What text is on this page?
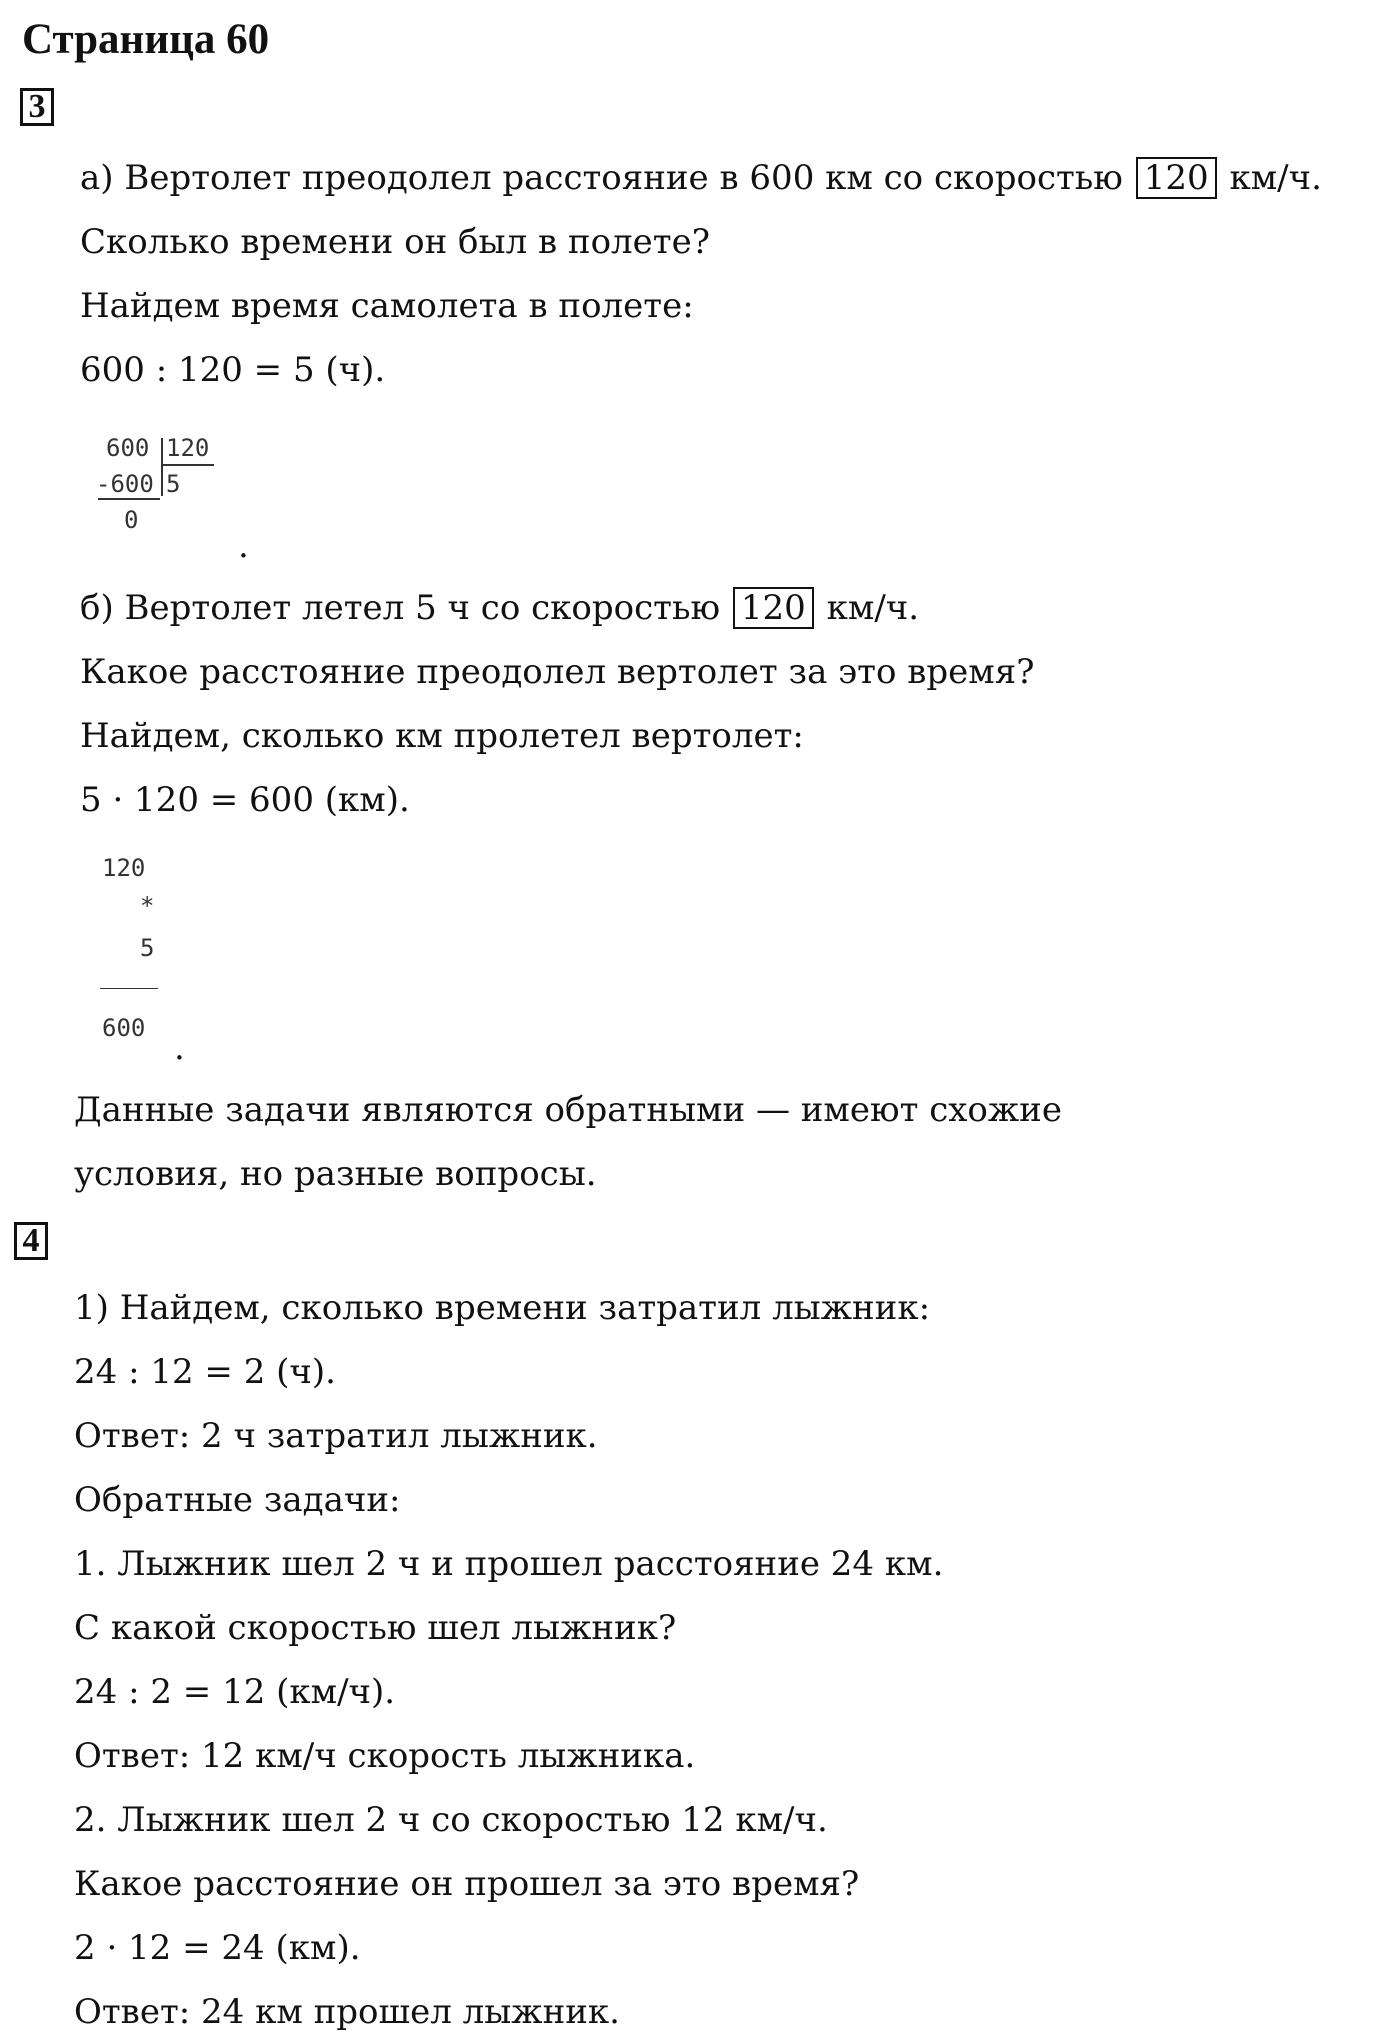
Страница 60
3
а) Вертолет преодолел расстояние в 600 км со скоростью 120 км/ч.
Сколько времени он был в полете?
Найдем время самолета в полете:
600 : 120 = 5 (ч).
600 120
-600 5
0
.
б) Вертолет летел 5 ч со скоростью 120 км/ч.
Какое расстояние преодолел вертолет за это время?
Найдем, сколько км пролетел вертолет:
5 · 120 = 600 (км).
120
*
5
600 .
Данные задачи являются обратными — имеют схожие
условия, но разные вопросы.
4
1) Найдем, сколько времени затратил лыжник:
24 : 12 = 2 (ч).
Ответ: 2 ч затратил лыжник.
Обратные задачи:
1. Лыжник шел 2 ч и прошел расстояние 24 км.
С какой скоростью шел лыжник?
24 : 2 = 12 (км/ч).
Ответ: 12 км/ч скорость лыжника.
2. Лыжник шел 2 ч со скоростью 12 км/ч.
Какое расстояние он прошел за это время?
2 · 12 = 24 (км).
Ответ: 24 км прошел лыжник.
